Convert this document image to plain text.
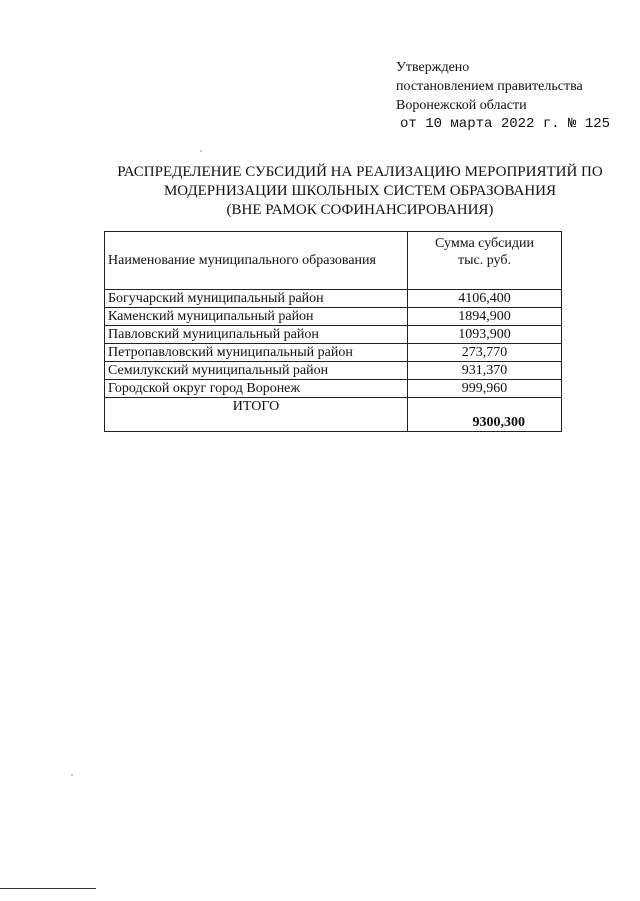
Утверждено
постановлением правительства
Воронежской области
от 10 марта 2022 г. № 125
РАСПРЕДЕЛЕНИЕ СУБСИДИЙ НА РЕАЛИЗАЦИЮ МЕРОПРИЯТИЙ ПО
МОДЕРНИЗАЦИИ ШКОЛЬНЫХ СИСТЕМ ОБРАЗОВАНИЯ
(ВНЕ РАМОК СОФИНАНСИРОВАНИЯ)
Наименование муниципального образования	Сумма субсидии
тыс. руб.

Богучарский муниципальный район	4106,400
Каменский муниципальный район	1894,900
Павловский муниципальный район	1093,900
Петропавловский муниципальный район	273,770
Семилукский муниципальный район	931,370
Городской округ город Воронеж	999,960
ИТОГО	9300,300
